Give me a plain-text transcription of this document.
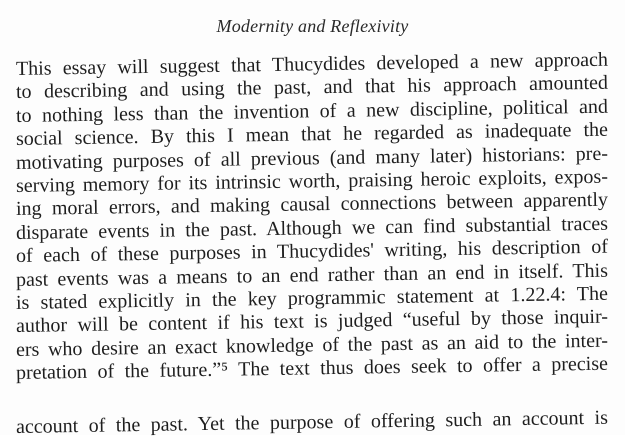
Modernity and Reflexivity
This essay will suggest that Thucydides developed a new approach
to describing and using the past, and that his approach amounted
to nothing less than the invention of a new discipline, political and
social science. By this I mean that he regarded as inadequate the
motivating purposes of all previous (and many later) historians: pre-
serving memory for its intrinsic worth, praising heroic exploits, expos-
ing moral errors, and making causal connections between apparently
disparate events in the past. Although we can find substantial traces
of each of these purposes in Thucydides' writing, his description of
past events was a means to an end rather than an end in itself. This
is stated explicitly in the key programmic statement at 1.22.4: The
author will be content if his text is judged “useful by those inquir-
ers who desire an exact knowledge of the past as an aid to the inter-
pretation of the future.”⁵ The text thus does seek to offer a precise
account of the past. Yet the purpose of offering such an account is
